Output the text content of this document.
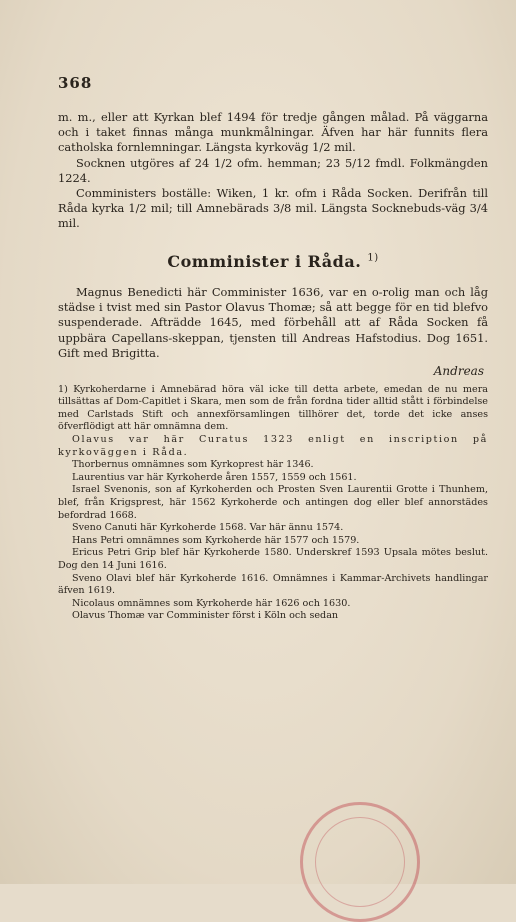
368

m. m., eller att Kyrkan blef 1494 för tredje gången målad. På väggarna och i taket finnas många munkmålningar. Äfven har här funnits flera catholska fornlemningar. Längsta kyrkoväg 1/2 mil.

Socknen utgöres af 24 1/2 ofm. hemman; 23 5/12 fmdl. Folkmängden 1224.

Comministers boställe: Wiken, 1 kr. ofm i Råda Socken. Derifrån till Råda kyrka 1/2 mil; till Amnebärads 3/8 mil. Längsta Socknebuds-väg 3/4 mil.

Comminister i Råda. $^{1)}$

Magnus Benedicti här Comminister 1636, var en o-rolig man och låg städse i tvist med sin Pastor Olavus Thomæ; så att begge för en tid blefvo suspenderade. Afträdde 1645, med förbehåll att af Råda Socken få uppbära Capellans-skeppan, tjensten till Andreas Hafstodius. Dog 1651. Gift med Brigitta.

Andreas

1) Kyrkoherdarne i Amnebärad höra väl icke till detta arbete, emedan de nu mera tillsättas af Dom-Capitlet i Skara, men som de från fordna tider alltid stått i förbindelse med Carlstads Stift och annexförsamlingen tillhörer det, torde det icke anses öfverflödigt att här omnämna dem.

Olavus var här Curatus 1323 enligt en inscription på kyrkoväggen i Råda.

Thorbernus omnämnes som Kyrkoprest här 1346.

Laurentius var här Kyrkoherde åren 1557, 1559 och 1561.

Israel Svenonis, son af Kyrkoherden och Prosten Sven Laurentii Grotte i Thunhem, blef, från Krigsprest, här 1562 Kyrkoherde och antingen dog eller blef annorstädes befordrad 1668.

Sveno Canuti här Kyrkoherde 1568. Var här ännu 1574.

Hans Petri omnämnes som Kyrkoherde här 1577 och 1579.

Ericus Petri Grip blef här Kyrkoherde 1580. Underskref 1593 Upsala mötes beslut. Dog den 14 Juni 1616.

Sveno Olavi blef här Kyrkoherde 1616. Omnämnes i Kammar-Archivets handlingar äfven 1619.

Nicolaus omnämnes som Kyrkoherde här 1626 och 1630.

Olavus Thomæ var Comminister först i Köln och sedan
